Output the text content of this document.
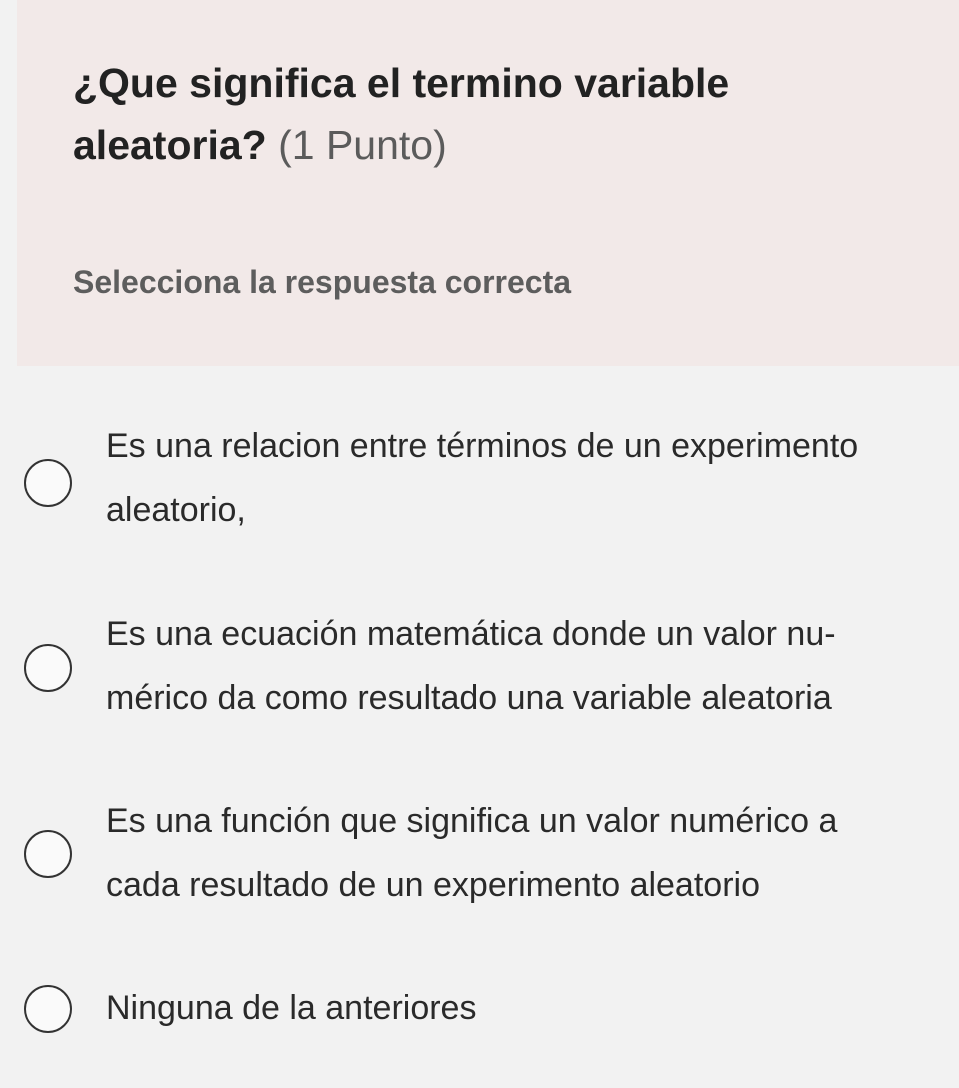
¿Que significa el termino variable
aleatoria? (1 Punto)

Selecciona la respuesta correcta

Es una relacion entre términos de un experimento
aleatorio,

Es una ecuación matemática donde un valor nu-
mérico da como resultado una variable aleatoria

Es una función que significa un valor numérico a
cada resultado de un experimento aleatorio

Ninguna de la anteriores
